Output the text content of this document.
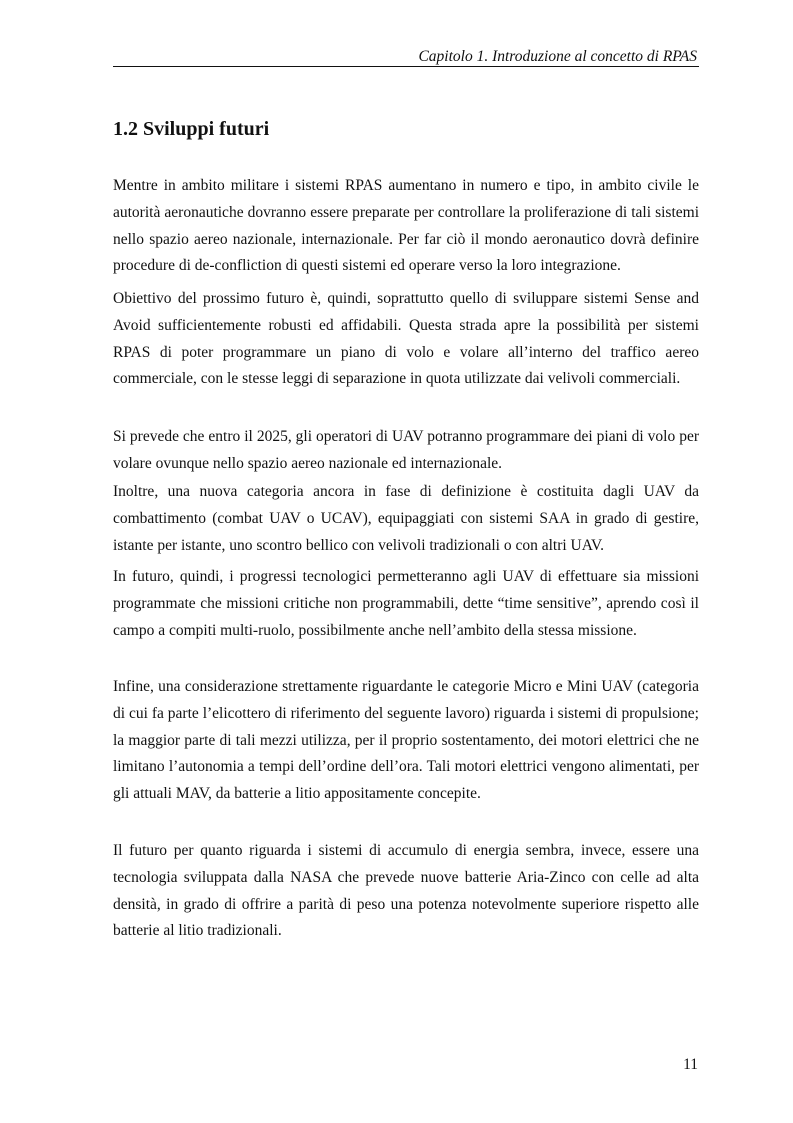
Capitolo 1. Introduzione al concetto di RPAS
1.2 Sviluppi futuri

Mentre in ambito militare i sistemi RPAS aumentano in numero e tipo, in ambito civile le autorità aeronautiche dovranno essere preparate per controllare la proliferazione di tali sistemi nello spazio aereo nazionale, internazionale. Per far ciò il mondo aeronautico dovrà definire procedure di de-confliction di questi sistemi ed operare verso la loro integrazione.

Obiettivo del prossimo futuro è, quindi, soprattutto quello di sviluppare sistemi Sense and Avoid sufficientemente robusti ed affidabili. Questa strada apre la possibilità per sistemi RPAS di poter programmare un piano di volo e volare all’interno del traffico aereo commerciale, con le stesse leggi di separazione in quota utilizzate dai velivoli commerciali.

Si prevede che entro il 2025, gli operatori di UAV potranno programmare dei piani di volo per volare ovunque nello spazio aereo nazionale ed internazionale.

Inoltre, una nuova categoria ancora in fase di definizione è costituita dagli UAV da combattimento (combat UAV o UCAV), equipaggiati con sistemi SAA in grado di gestire, istante per istante, uno scontro bellico con velivoli tradizionali o con altri UAV.

In futuro, quindi, i progressi tecnologici permetteranno agli UAV di effettuare sia missioni programmate che missioni critiche non programmabili, dette “time sensitive”, aprendo così il campo a compiti multi-ruolo, possibilmente anche nell’ambito della stessa missione.

Infine, una considerazione strettamente riguardante le categorie Micro e Mini UAV (categoria di cui fa parte l’elicottero di riferimento del seguente lavoro) riguarda i sistemi di propulsione; la maggior parte di tali mezzi utilizza, per il proprio sostentamento, dei motori elettrici che ne limitano l’autonomia a tempi dell’ordine dell’ora. Tali motori elettrici vengono alimentati, per gli attuali MAV, da batterie a litio appositamente concepite.

Il futuro per quanto riguarda i sistemi di accumulo di energia sembra, invece, essere una tecnologia sviluppata dalla NASA che prevede nuove batterie Aria-Zinco con celle ad alta densità, in grado di offrire a parità di peso una potenza notevolmente superiore rispetto alle batterie al litio tradizionali.

11
